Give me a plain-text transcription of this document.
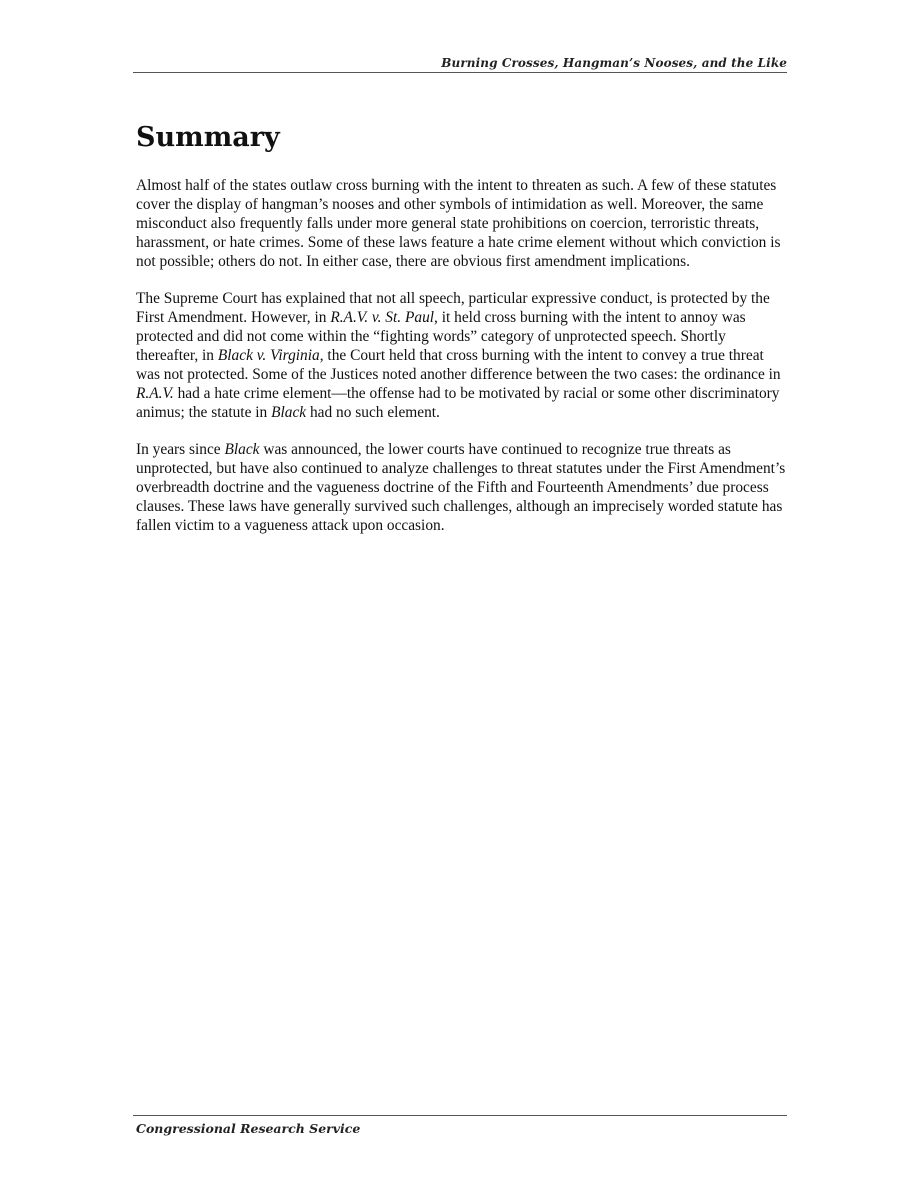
Burning Crosses, Hangman’s Nooses, and the Like
Summary

Almost half of the states outlaw cross burning with the intent to threaten as such. A few of these statutes cover the display of hangman’s nooses and other symbols of intimidation as well. Moreover, the same misconduct also frequently falls under more general state prohibitions on coercion, terroristic threats, harassment, or hate crimes. Some of these laws feature a hate crime element without which conviction is not possible; others do not. In either case, there are obvious first amendment implications.

The Supreme Court has explained that not all speech, particular expressive conduct, is protected by the First Amendment. However, in R.A.V. v. St. Paul, it held cross burning with the intent to annoy was protected and did not come within the “fighting words” category of unprotected speech. Shortly thereafter, in Black v. Virginia, the Court held that cross burning with the intent to convey a true threat was not protected. Some of the Justices noted another difference between the two cases: the ordinance in R.A.V. had a hate crime element—the offense had to be motivated by racial or some other discriminatory animus; the statute in Black had no such element.

In years since Black was announced, the lower courts have continued to recognize true threats as unprotected, but have also continued to analyze challenges to threat statutes under the First Amendment’s overbreadth doctrine and the vagueness doctrine of the Fifth and Fourteenth Amendments’ due process clauses. These laws have generally survived such challenges, although an imprecisely worded statute has fallen victim to a vagueness attack upon occasion.

Congressional Research Service
